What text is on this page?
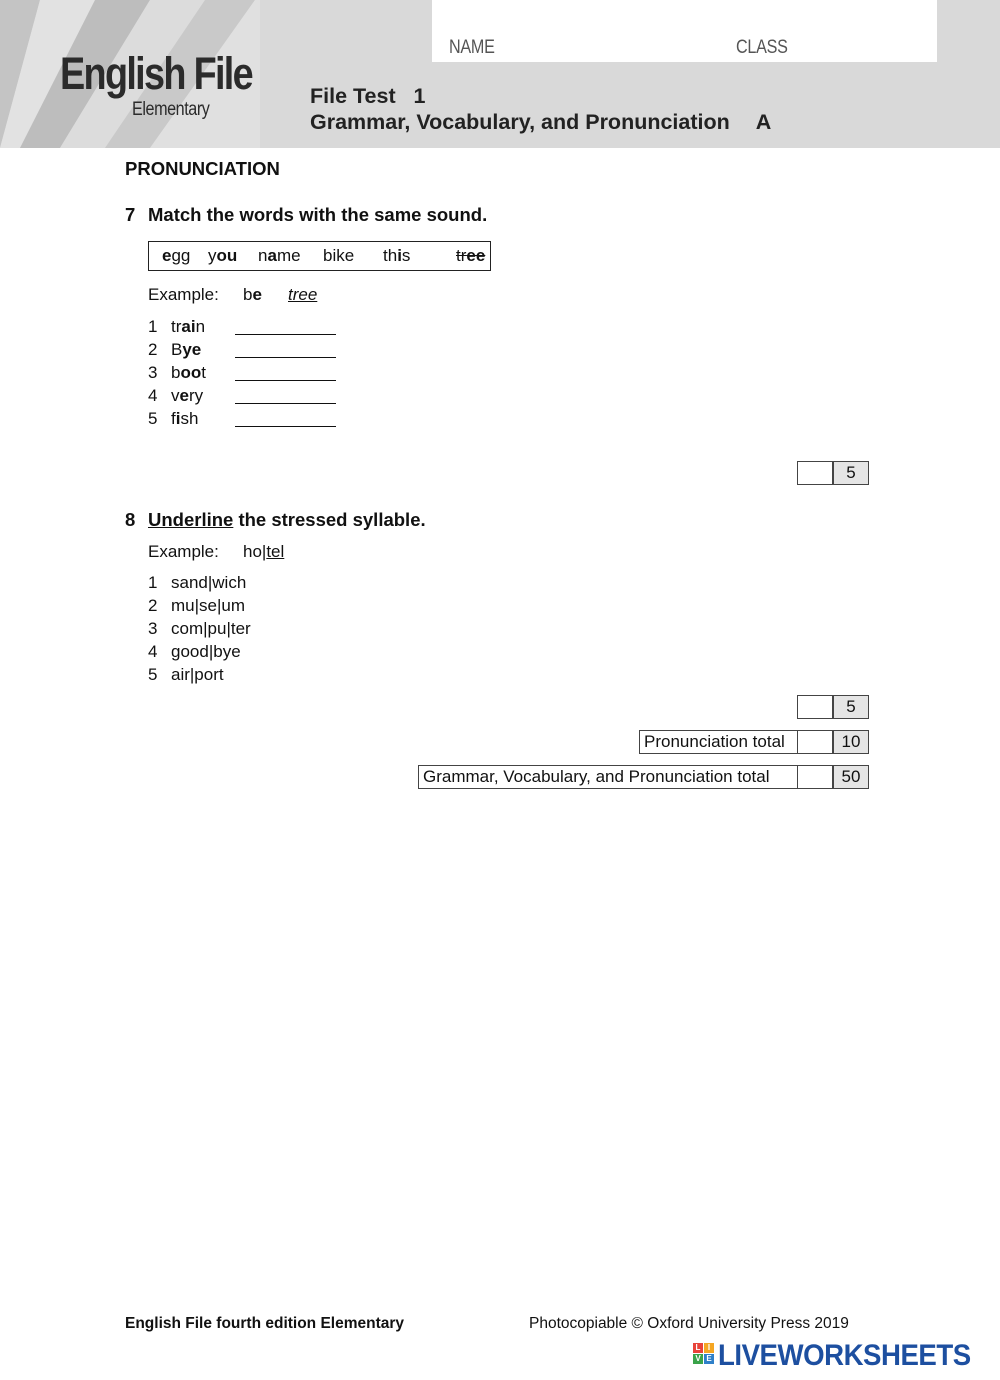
NAME	CLASS
English File
Elementary
File Test   1
Grammar, Vocabulary, and Pronunciation A
PRONUNCIATION
7 Match the words with the same sound.
egg you name bike this	tree
Example: be tree
1 train
2 Bye
3 boot
4 very
5 fish
5
8 Underline the stressed syllable.
Example: ho|tel
1 sand|wich
2 mu|se|um
3 com|pu|ter
4 good|bye
5 air|port
5
Pronunciation total	10
Grammar, Vocabulary, and Pronunciation total	50
English File fourth edition Elementary	Photocopiable © Oxford University Press 2019
L I
V E LIVEWORKSHEETS
